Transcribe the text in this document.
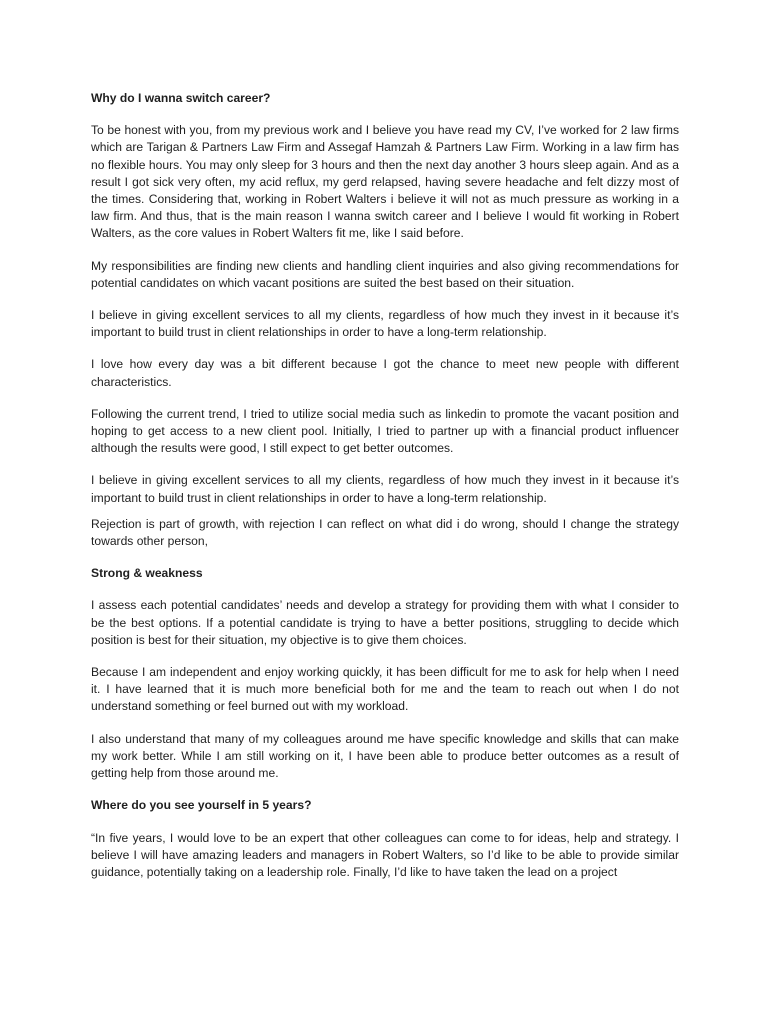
Why do I wanna switch career?

To be honest with you, from my previous work and I believe you have read my CV, I’ve worked for 2 law firms which are Tarigan & Partners Law Firm and Assegaf Hamzah & Partners Law Firm. Working in a law firm has no flexible hours. You may only sleep for 3 hours and then the next day another 3 hours sleep again. And as a result I got sick very often, my acid reflux, my gerd relapsed, having severe headache and felt dizzy most of the times. Considering that, working in Robert Walters i believe it will not as much pressure as working in a law firm. And thus, that is the main reason I wanna switch career and I believe I would fit working in Robert Walters, as the core values in Robert Walters fit me, like I said before.

My responsibilities are finding new clients and handling client inquiries and also giving recommendations for potential candidates on which vacant positions are suited the best based on their situation.

I believe in giving excellent services to all my clients, regardless of how much they invest in it because it’s important to build trust in client relationships in order to have a long-term relationship.

I love how every day was a bit different because I got the chance to meet new people with different characteristics.

Following the current trend, I tried to utilize social media such as linkedin to promote the vacant position and hoping to get access to a new client pool. Initially, I tried to partner up with a financial product influencer although the results were good, I still expect to get better outcomes.

I believe in giving excellent services to all my clients, regardless of how much they invest in it because it’s important to build trust in client relationships in order to have a long-term relationship.

Rejection is part of growth, with rejection I can reflect on what did i do wrong, should I change the strategy towards other person,

Strong & weakness

I assess each potential candidates’ needs and develop a strategy for providing them with what I consider to be the best options. If a potential candidate is trying to have a better positions, struggling to decide which position is best for their situation, my objective is to give them choices.

Because I am independent and enjoy working quickly, it has been difficult for me to ask for help when I need it. I have learned that it is much more beneficial both for me and the team to reach out when I do not understand something or feel burned out with my workload.

I also understand that many of my colleagues around me have specific knowledge and skills that can make my work better. While I am still working on it, I have been able to produce better outcomes as a result of getting help from those around me.

Where do you see yourself in 5 years?

“In five years, I would love to be an expert that other colleagues can come to for ideas, help and strategy. I believe I will have amazing leaders and managers in Robert Walters, so I’d like to be able to provide similar guidance, potentially taking on a leadership role. Finally, I’d like to have taken the lead on a project
